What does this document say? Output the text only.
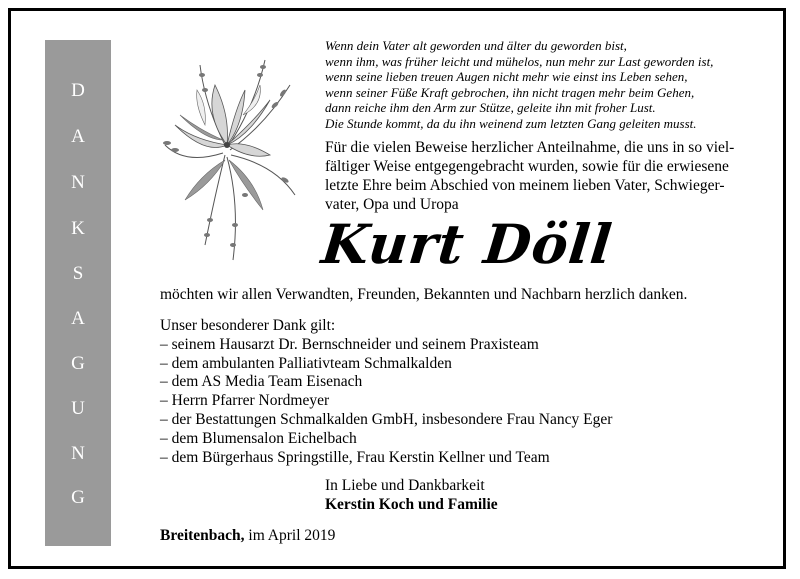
D
A
N
K
S
A
G
U
N
G
Wenn dein Vater alt geworden und älter du geworden bist,
wenn ihm, was früher leicht und mühelos, nun mehr zur Last geworden ist,
wenn seine lieben treuen Augen nicht mehr wie einst ins Leben sehen,
wenn seiner Füße Kraft gebrochen, ihn nicht tragen mehr beim Gehen,
dann reiche ihm den Arm zur Stütze, geleite ihn mit froher Lust.
Die Stunde kommt, da du ihn weinend zum letzten Gang geleiten musst.
Für die vielen Beweise herzlicher Anteilnahme, die uns in so viel-
fältiger Weise entgegengebracht wurden, sowie für die erwiesene
letzte Ehre beim Abschied von meinem lieben Vater, Schwieger-
vater, Opa und Uropa
Kurt Döll
möchten wir allen Verwandten, Freunden, Bekannten und Nachbarn herzlich danken.
Unser besonderer Dank gilt:
– seinem Hausarzt Dr. Bernschneider und seinem Praxisteam
– dem ambulanten Palliativteam Schmalkalden
– dem AS Media Team Eisenach
– Herrn Pfarrer Nordmeyer
– der Bestattungen Schmalkalden GmbH, insbesondere Frau Nancy Eger
– dem Blumensalon Eichelbach
– dem Bürgerhaus Springstille, Frau Kerstin Kellner und Team
In Liebe und Dankbarkeit
Kerstin Koch und Familie
Breitenbach, im April 2019
